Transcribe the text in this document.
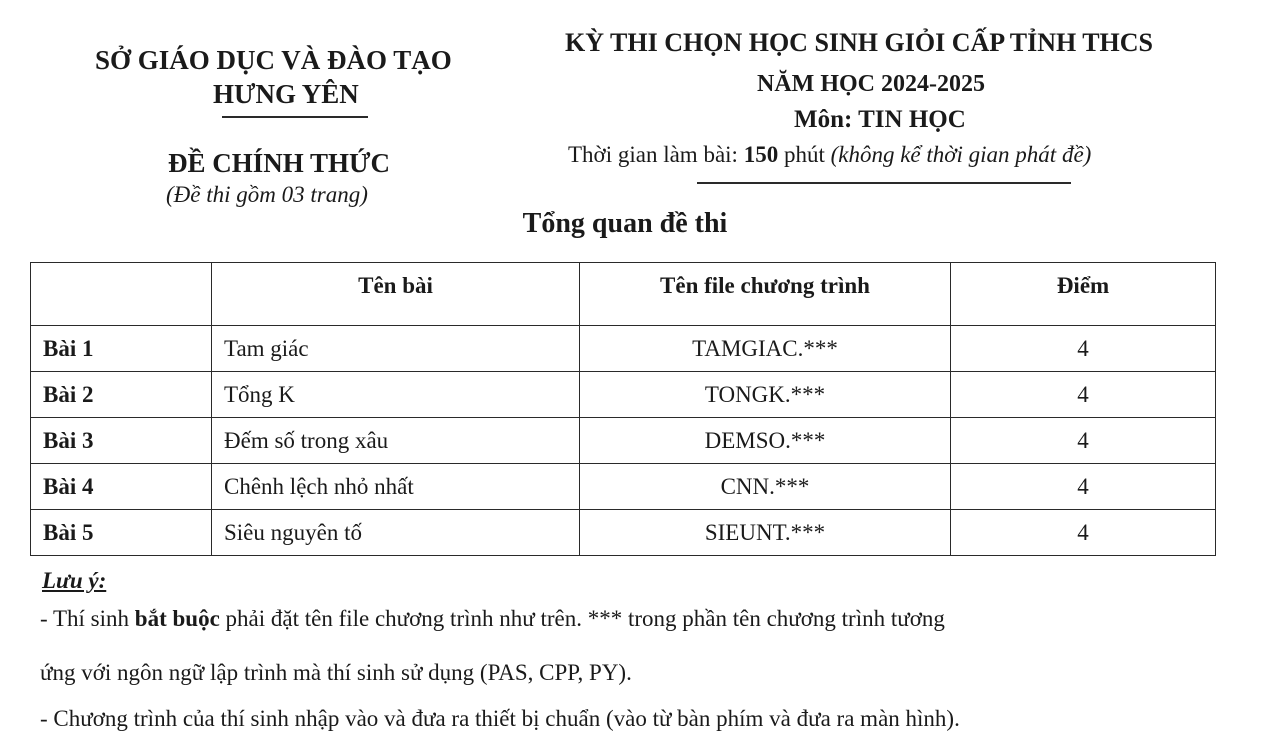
SỞ GIÁO DỤC VÀ ĐÀO TẠO
HƯNG YÊN
ĐỀ CHÍNH THỨC
(Đề thi gồm 03 trang)
KỲ THI CHỌN HỌC SINH GIỎI CẤP TỈNH THCS
NĂM HỌC 2024-2025
Môn: TIN HỌC
Thời gian làm bài: 150 phút (không kể thời gian phát đề)
Tổng quan đề thi
	Tên bài	Tên file chương trình	Điểm
Bài 1	Tam giác	TAMGIAC.***	4
Bài 2	Tổng K	TONGK.***	4
Bài 3	Đếm số trong xâu	DEMSO.***	4
Bài 4	Chênh lệch nhỏ nhất	CNN.***	4
Bài 5	Siêu nguyên tố	SIEUNT.***	4
Lưu ý:
- Thí sinh bắt buộc phải đặt tên file chương trình như trên. *** trong phần tên chương trình tương
ứng với ngôn ngữ lập trình mà thí sinh sử dụng (PAS, CPP, PY).
- Chương trình của thí sinh nhập vào và đưa ra thiết bị chuẩn (vào từ bàn phím và đưa ra màn hình).
